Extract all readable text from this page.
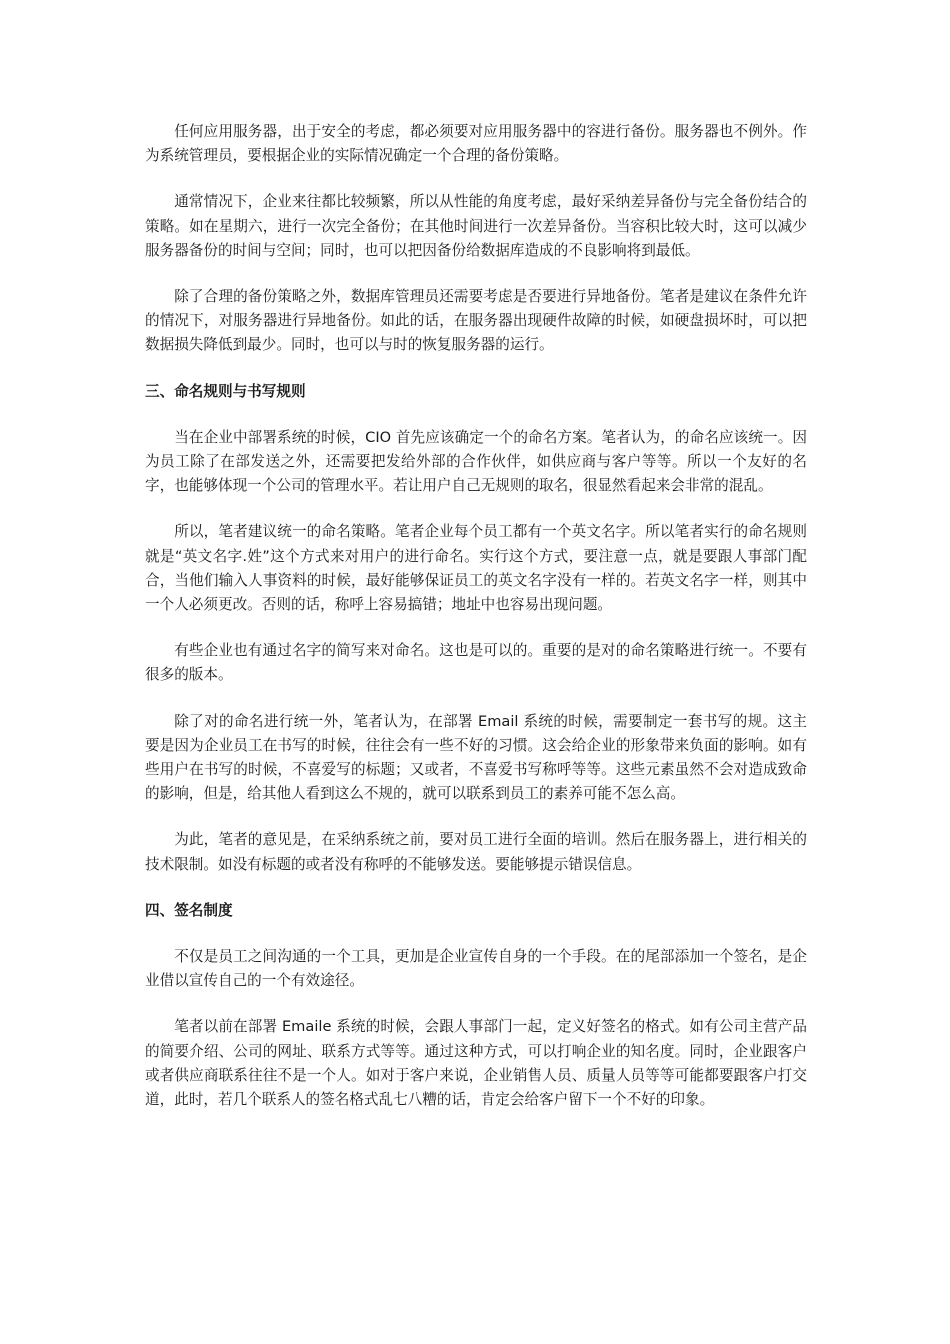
任何应用服务器，出于安全的考虑，都必须要对应用服务器中的容进行备份。服务器也不例外。作为系统管理员，要根据企业的实际情况确定一个合理的备份策略。

通常情况下，企业来往都比较频繁，所以从性能的角度考虑，最好采纳差异备份与完全备份结合的策略。如在星期六，进行一次完全备份；在其他时间进行一次差异备份。当容积比较大时，这可以减少服务器备份的时间与空间；同时，也可以把因备份给数据库造成的不良影响将到最低。

除了合理的备份策略之外，数据库管理员还需要考虑是否要进行异地备份。笔者是建议在条件允许的情况下，对服务器进行异地备份。如此的话，在服务器出现硬件故障的时候，如硬盘损坏时，可以把数据损失降低到最少。同时，也可以与时的恢复服务器的运行。

三、命名规则与书写规则

当在企业中部署系统的时候，CIO 首先应该确定一个的命名方案。笔者认为，的命名应该统一。因为员工除了在部发送之外，还需要把发给外部的合作伙伴，如供应商与客户等等。所以一个友好的名字，也能够体现一个公司的管理水平。若让用户自己无规则的取名，很显然看起来会非常的混乱。

所以，笔者建议统一的命名策略。笔者企业每个员工都有一个英文名字。所以笔者实行的命名规则就是“英文名字.姓”这个方式来对用户的进行命名。实行这个方式，要注意一点，就是要跟人事部门配合，当他们输入人事资料的时候，最好能够保证员工的英文名字没有一样的。若英文名字一样，则其中一个人必须更改。否则的话，称呼上容易搞错；地址中也容易出现问题。

有些企业也有通过名字的简写来对命名。这也是可以的。重要的是对的命名策略进行统一。不要有很多的版本。

除了对的命名进行统一外，笔者认为，在部署 Email 系统的时候，需要制定一套书写的规。这主要是因为企业员工在书写的时候，往往会有一些不好的习惯。这会给企业的形象带来负面的影响。如有些用户在书写的时候，不喜爱写的标题；又或者，不喜爱书写称呼等等。这些元素虽然不会对造成致命的影响，但是，给其他人看到这么不规的，就可以联系到员工的素养可能不怎么高。

为此，笔者的意见是，在采纳系统之前，要对员工进行全面的培训。然后在服务器上，进行相关的技术限制。如没有标题的或者没有称呼的不能够发送。要能够提示错误信息。

四、签名制度

不仅是员工之间沟通的一个工具，更加是企业宣传自身的一个手段。在的尾部添加一个签名，是企业借以宣传自己的一个有效途径。

笔者以前在部署 Emaile 系统的时候，会跟人事部门一起，定义好签名的格式。如有公司主营产品的简要介绍、公司的网址、联系方式等等。通过这种方式，可以打响企业的知名度。同时，企业跟客户或者供应商联系往往不是一个人。如对于客户来说，企业销售人员、质量人员等等可能都要跟客户打交道，此时，若几个联系人的签名格式乱七八糟的话，肯定会给客户留下一个不好的印象。
